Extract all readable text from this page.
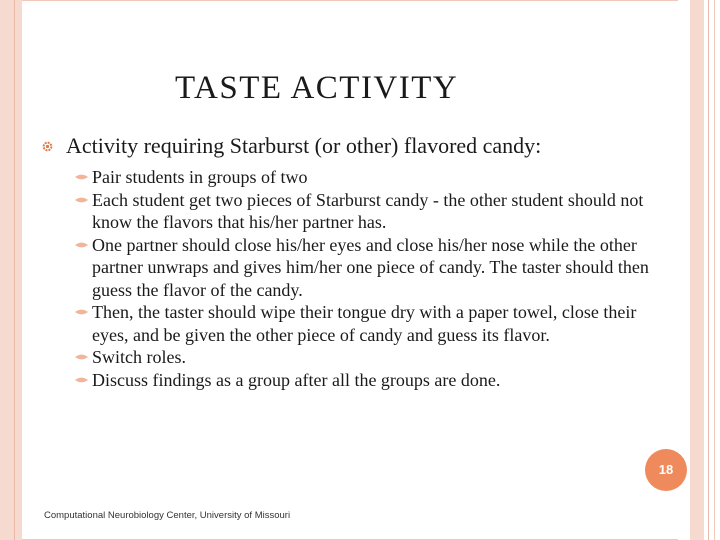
TASTE ACTIVITY
Activity requiring Starburst (or other) flavored candy:
Pair students in groups of two
Each student get two pieces of Starburst candy - the other student should not know the flavors that his/her partner has.
One partner should close his/her eyes and close his/her nose while the other partner unwraps and gives him/her one piece of candy. The taster should then guess the flavor of the candy.
Then, the taster should wipe their tongue dry with a paper towel, close their eyes, and be given the other piece of candy and guess its flavor.
Switch roles.
Discuss findings as a group after all the groups are done.
18
Computational Neurobiology Center, University of Missouri
